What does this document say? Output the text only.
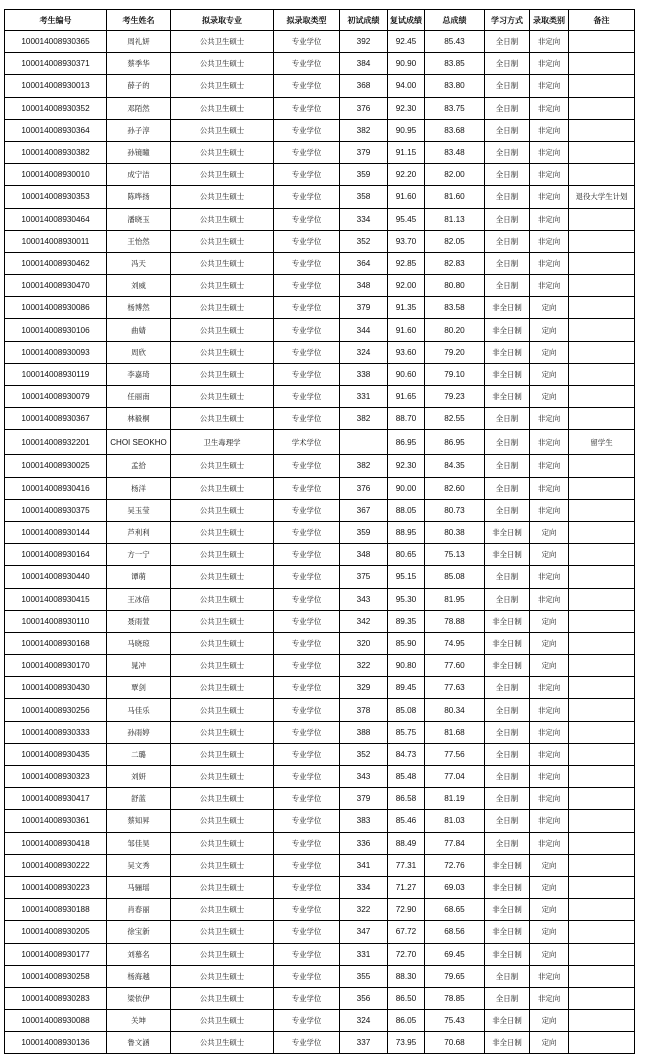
考生编号	考生姓名	拟录取专业	拟录取类型	初试成绩	复试成绩	总成绩	学习方式	录取类别	备注
100014008930365	周礼妍	公共卫生硕士	专业学位	392	92.45	85.43	全日制	非定向	
100014008930371	蔡季华	公共卫生硕士	专业学位	384	90.90	83.85	全日制	非定向	
100014008930013	薛子的	公共卫生硕士	专业学位	368	94.00	83.80	全日制	非定向	
100014008930352	邓陌然	公共卫生硕士	专业学位	376	92.30	83.75	全日制	非定向	
100014008930364	孙子淳	公共卫生硕士	专业学位	382	90.95	83.68	全日制	非定向	
100014008930382	孙镜瞳	公共卫生硕士	专业学位	379	91.15	83.48	全日制	非定向	
100014008930010	成宁洁	公共卫生硕士	专业学位	359	92.20	82.00	全日制	非定向	
100014008930353	陈哗扬	公共卫生硕士	专业学位	358	91.60	81.60	全日制	非定向	退役大学生计划
100014008930464	潘晓玉	公共卫生硕士	专业学位	334	95.45	81.13	全日制	非定向	
100014008930011	王怡然	公共卫生硕士	专业学位	352	93.70	82.05	全日制	非定向	
100014008930462	冯天	公共卫生硕士	专业学位	364	92.85	82.83	全日制	非定向	
100014008930470	刘威	公共卫生硕士	专业学位	348	92.00	80.80	全日制	非定向	
100014008930086	杨博然	公共卫生硕士	专业学位	379	91.35	83.58	非全日制	定向	
100014008930106	曲婧	公共卫生硕士	专业学位	344	91.60	80.20	非全日制	定向	
100014008930093	周欣	公共卫生硕士	专业学位	324	93.60	79.20	非全日制	定向	
100014008930119	李嘉琦	公共卫生硕士	专业学位	338	90.60	79.10	非全日制	定向	
100014008930079	任丽南	公共卫生硕士	专业学位	331	91.65	79.23	非全日制	定向	
100014008930367	林毅桐	公共卫生硕士	专业学位	382	88.70	82.55	全日制	非定向	
100014008932201	CHOI SEOKHO	卫生毒理学	学术学位		86.95	86.95	全日制	非定向	留学生
100014008930025	孟拾	公共卫生硕士	专业学位	382	92.30	84.35	全日制	非定向	
100014008930416	杨洋	公共卫生硕士	专业学位	376	90.00	82.60	全日制	非定向	
100014008930375	吴玉莹	公共卫生硕士	专业学位	367	88.05	80.73	全日制	非定向	
100014008930144	芦利利	公共卫生硕士	专业学位	359	88.95	80.38	非全日制	定向	
100014008930164	方一宁	公共卫生硕士	专业学位	348	80.65	75.13	非全日制	定向	
100014008930440	谭萌	公共卫生硕士	专业学位	375	95.15	85.08	全日制	非定向	
100014008930415	王冰倍	公共卫生硕士	专业学位	343	95.30	81.95	全日制	非定向	
100014008930110	聂雨萱	公共卫生硕士	专业学位	342	89.35	78.88	非全日制	定向	
100014008930168	马晓琼	公共卫生硕士	专业学位	320	85.90	74.95	非全日制	定向	
100014008930170	晁冲	公共卫生硕士	专业学位	322	90.80	77.60	非全日制	定向	
100014008930430	覃剑	公共卫生硕士	专业学位	329	89.45	77.63	全日制	非定向	
100014008930256	马佳乐	公共卫生硕士	专业学位	378	85.08	80.34	全日制	非定向	
100014008930333	孙雨婷	公共卫生硕士	专业学位	388	85.75	81.68	全日制	非定向	
100014008930435	二璐	公共卫生硕士	专业学位	352	84.73	77.56	全日制	非定向	
100014008930323	刘妍	公共卫生硕士	专业学位	343	85.48	77.04	全日制	非定向	
100014008930417	舒蓝	公共卫生硕士	专业学位	379	86.58	81.19	全日制	非定向	
100014008930361	蔡知昇	公共卫生硕士	专业学位	383	85.46	81.03	全日制	非定向	
100014008930418	邹佳昊	公共卫生硕士	专业学位	336	88.49	77.84	全日制	非定向	
100014008930222	吴文秀	公共卫生硕士	专业学位	341	77.31	72.76	非全日制	定向	
100014008930223	马骊瑶	公共卫生硕士	专业学位	334	71.27	69.03	非全日制	定向	
100014008930188	肖春丽	公共卫生硕士	专业学位	322	72.90	68.65	非全日制	定向	
100014008930205	徐宝新	公共卫生硕士	专业学位	347	67.72	68.56	非全日制	定向	
100014008930177	刘慕名	公共卫生硕士	专业学位	331	72.70	69.45	非全日制	定向	
100014008930258	杨海越	公共卫生硕士	专业学位	355	88.30	79.65	全日制	非定向	
100014008930283	梁依伊	公共卫生硕士	专业学位	356	86.50	78.85	全日制	非定向	
100014008930088	关坤	公共卫生硕士	专业学位	324	86.05	75.43	非全日制	定向	
100014008930136	鲁文涵	公共卫生硕士	专业学位	337	73.95	70.68	非全日制	定向	
